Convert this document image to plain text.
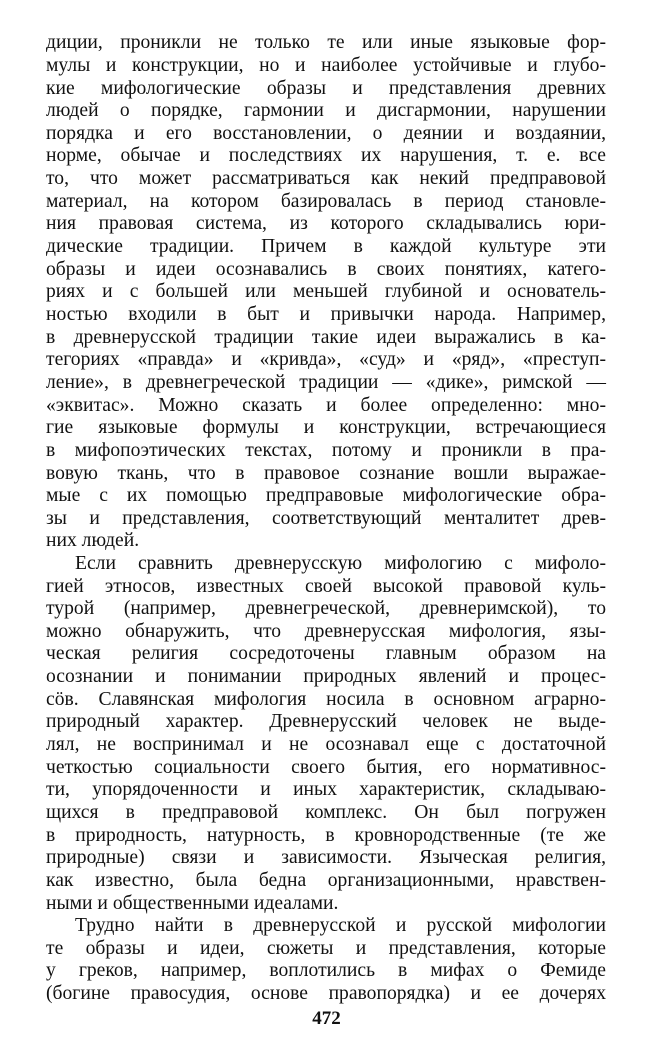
диции, проникли не только те или иные языковые фор-
мулы и конструкции, но и наиболее устойчивые и глубо-
кие мифологические образы и представления древних
людей о порядке, гармонии и дисгармонии, нарушении
порядка и его восстановлении, о деянии и воздаянии,
норме, обычае и последствиях их нарушения, т. е. все
то, что может рассматриваться как некий предправовой
материал, на котором базировалась в период становле-
ния правовая система, из которого складывались юри-
дические традиции. Причем в каждой культуре эти
образы и идеи осознавались в своих понятиях, катего-
риях и с большей или меньшей глубиной и основатель-
ностью входили в быт и привычки народа. Например,
в древнерусской традиции такие идеи выражались в ка-
тегориях «правда» и «кривда», «суд» и «ряд», «преступ-
ление», в древнегреческой традиции — «дике», римской —
«эквитас». Можно сказать и более определенно: мно-
гие языковые формулы и конструкции, встречающиеся
в мифопоэтических текстах, потому и проникли в пра-
вовую ткань, что в правовое сознание вошли выражае-
мые с их помощью предправовые мифологические обра-
зы и представления, соответствующий менталитет древ-
них людей.
Если сравнить древнерусскую мифологию с мифоло-
гией этносов, известных своей высокой правовой куль-
турой (например, древнегреческой, древнеримской), то
можно обнаружить, что древнерусская мифология, язы-
ческая религия сосредоточены главным образом на
осознании и понимании природных явлений и процес-
сöв. Славянская мифология носила в основном аграрно-
природный характер. Древнерусский человек не выде-
лял, не воспринимал и не осознавал еще с достаточной
четкостью социальности своего бытия, его нормативнос-
ти, упорядоченности и иных характеристик, складываю-
щихся в предправовой комплекс. Он был погружен
в природность, натурность, в кровнородственные (те же
природные) связи и зависимости. Языческая религия,
как известно, была бедна организационными, нравствен-
ными и общественными идеалами.
Трудно найти в древнерусской и русской мифологии
те образы и идеи, сюжеты и представления, которые
у греков, например, воплотились в мифах о Фемиде
(богине правосудия, основе правопорядка) и ее дочерях
472
